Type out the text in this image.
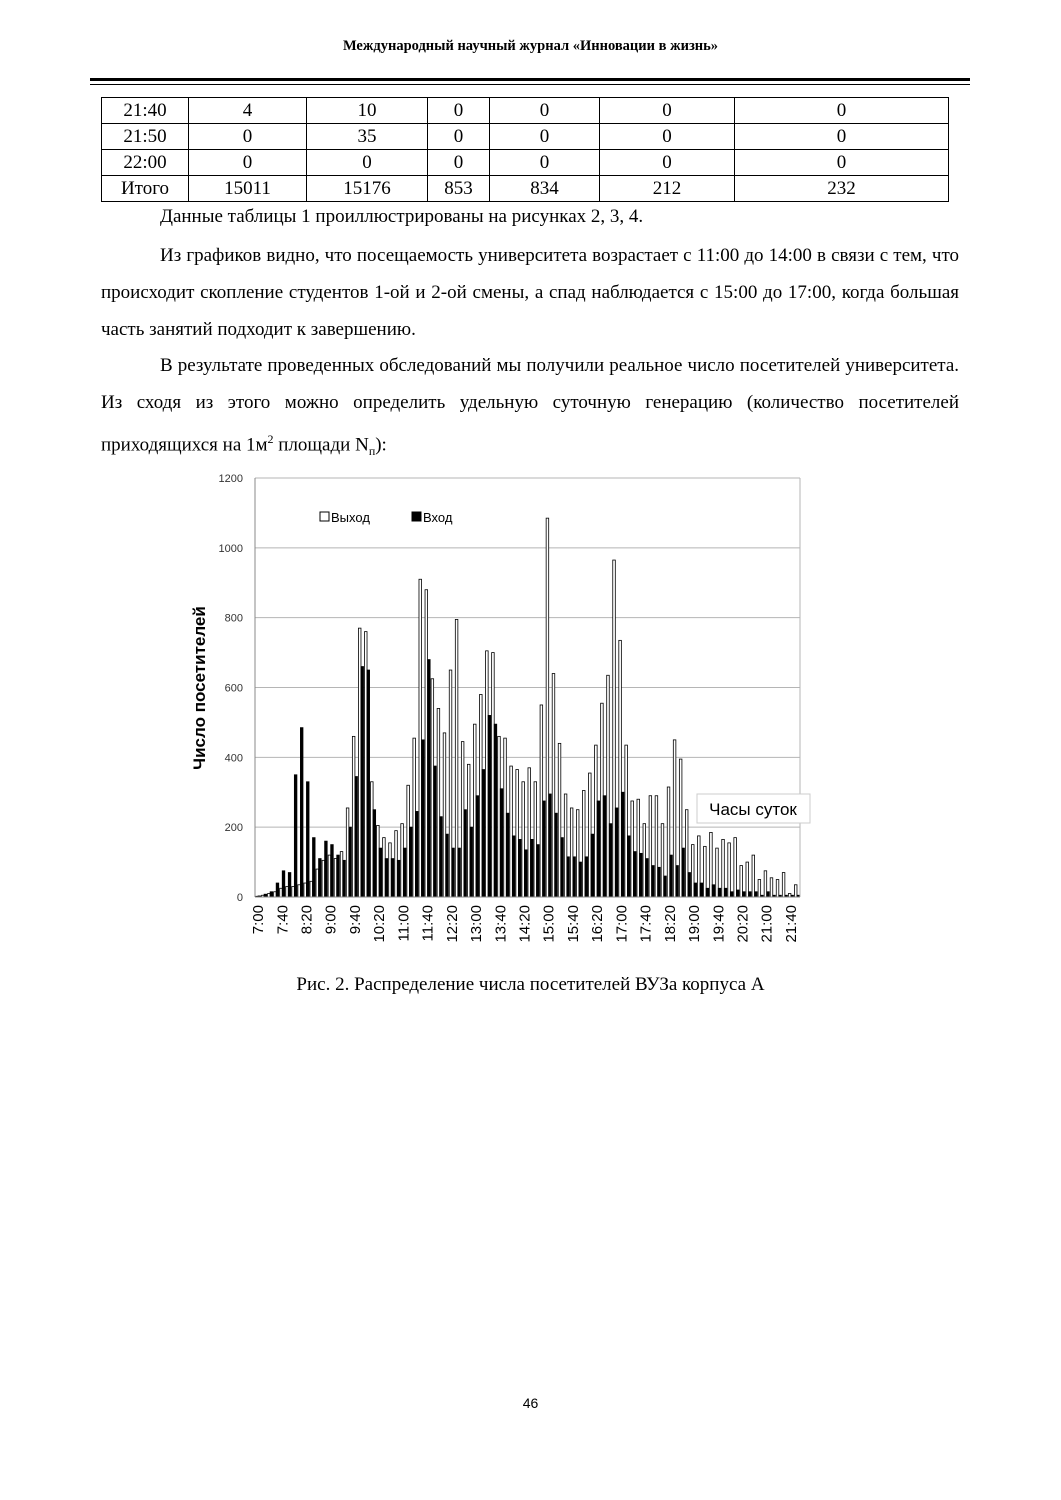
Международный научный журнал «Инновации в жизнь»
21:40	4	10	0	0	0	0
21:50	0	35	0	0	0	0
22:00	0	0	0	0	0	0
Итого	15011	15176	853	834	212	232
Данные таблицы 1 проиллюстрированы на рисунках 2, 3, 4.
Из графиков видно, что посещаемость университета возрастает с 11:00 до 14:00 в связи с тем, что происходит скопление студентов 1-ой и 2-ой смены, а спад наблюдается с 15:00 до 17:00, когда большая часть занятий подходит к завершению.
В результате проведенных обследований мы получили реальное число посетителей университета. Из сходя из этого можно определить удельную суточную генерацию (количество посетителей приходящихся на $1м^2$ площади $N_п$):
0
200
400
600
800
1000
1200
7:00 7:40 8:20 9:00 9:40 10:20 11:00 11:40 12:20 13:00 13:40 14:20 15:00 15:40 16:20 17:00 17:40 18:20 19:00 19:40 20:20 21:00 21:40
Число посетителей
Выход	Вход
Часы суток
Рис. 2. Распределение числа посетителей ВУЗа корпуса А
46
